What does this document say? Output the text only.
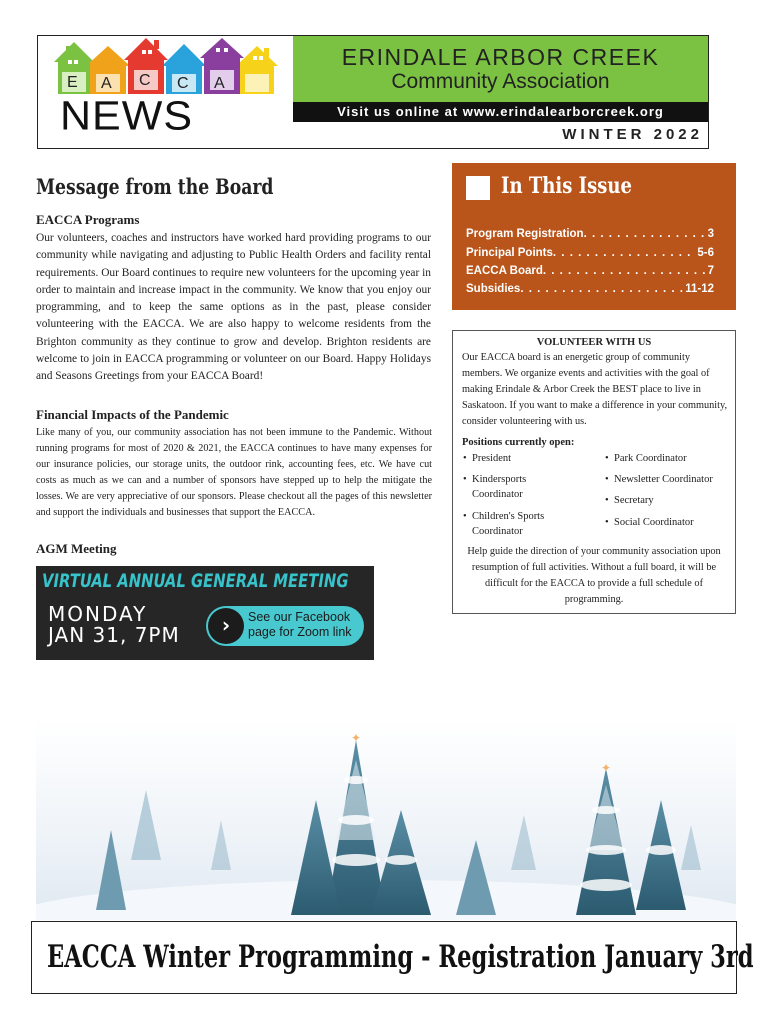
E A C C A
NEWS
ERINDALE ARBOR CREEK
Community Association
Visit us online at www.erindalearborcreek.org
WINTER 2022
Message from the Board
EACCA Programs
Our volunteers, coaches and instructors have worked hard providing programs to our community while navigating and adjusting to Public Health Orders and facility rental requirements. Our Board continues to require new volunteers for the upcoming year in order to maintain and increase impact in the community. We know that you enjoy our programming, and to keep the same options as in the past, please consider volunteering with the EACCA. We are also happy to welcome residents from the Brighton community as they continue to grow and develop. Brighton residents are welcome to join in EACCA programming or volunteer on our Board. Happy Holidays and Seasons Greetings from your EACCA Board!
Financial Impacts of the Pandemic
Like many of you, our community association has not been immune to the Pandemic. Without running programs for most of 2020 & 2021, the EACCA continues to have many expenses for our insurance policies, our storage units, the outdoor rink, accounting fees, etc. We have cut costs as much as we can and a number of sponsors have stepped up to help the mitigate the losses. We are very appreciative of our sponsors. Please checkout all the pages of this newsletter and support the individuals and businesses that support the EACCA.
AGM Meeting
VIRTUAL ANNUAL GENERAL MEETING
MONDAY
JAN 31, 7PM	›	See our Facebook page for Zoom link
In This Issue
Program Registration . . .	3
Principal Points . . .	5-6
EACCA Board . . .	7
Subsidies . . .	11-12
VOLUNTEER WITH US
Our EACCA board is an energetic group of community members. We organize events and activities with the goal of making Erindale & Arbor Creek the BEST place to live in Saskatoon. If you want to make a difference in your community, consider volunteering with us.
Positions currently open:
• President
• Kindersports Coordinator
• Children's Sports Coordinator
• Park Coordinator
• Newsletter Coordinator
• Secretary
• Social Coordinator
Help guide the direction of your community association upon resumption of full activities. Without a full board, it will be difficult for the EACCA to provide a full schedule of programming.
✦
✦
EACCA Winter Programming - Registration January 3rd
